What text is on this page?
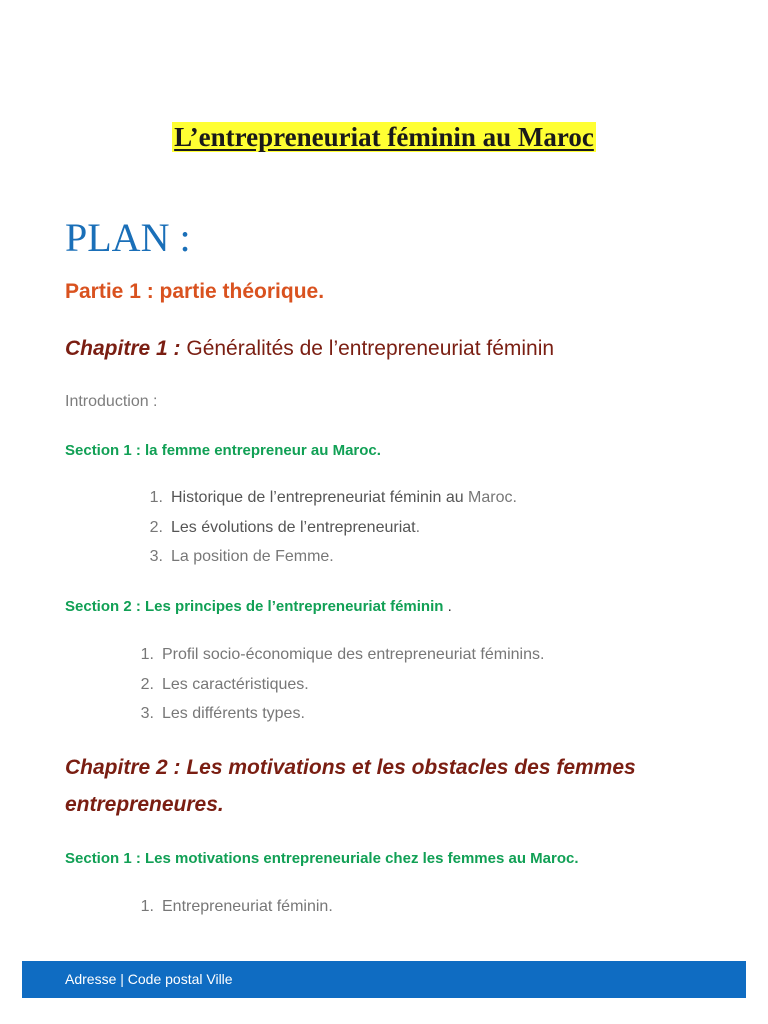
L’entrepreneuriat féminin au Maroc
PLAN :
Partie 1 : partie théorique.
Chapitre 1 : Généralités de l’entrepreneuriat féminin
Introduction :
Section 1 : la femme entrepreneur au Maroc.
1. Historique de l’entrepreneuriat féminin au Maroc.
2. Les évolutions de l’entrepreneuriat.
3. La position de Femme.
Section 2 : Les principes de l’entrepreneuriat féminin .
1. Profil socio-économique des entrepreneuriat féminins.
2. Les caractéristiques.
3. Les différents types.
Chapitre 2 : Les motivations et les obstacles des femmes
entrepreneures.
Section 1 : Les motivations entrepreneuriale chez les femmes au Maroc.
1. Entrepreneuriat féminin.
Adresse | Code postal Ville
